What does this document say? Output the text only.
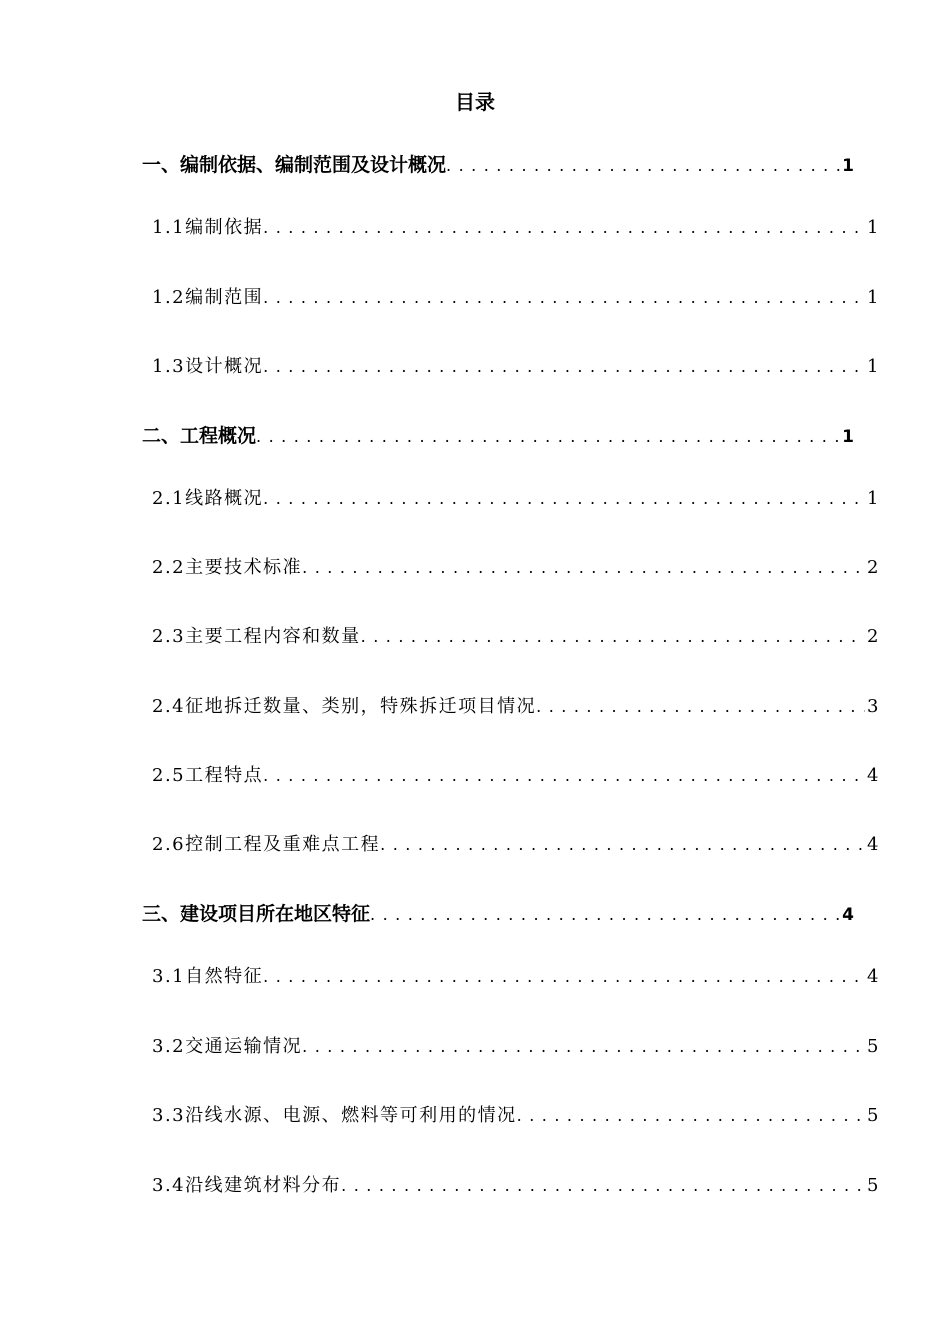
目录
一、编制依据、编制范围及设计概况 . . .	1
1.1编制依据 . . .	1
1.2编制范围 . . .	1
1.3设计概况 . . .	1
二、工程概况 . . .	1
2.1线路概况 . . .	1
2.2主要技术标准 . . .	2
2.3主要工程内容和数量 . . .	2
2.4征地拆迁数量、类别，特殊拆迁项目情况 . . .	3
2.5工程特点 . . .	4
2.6控制工程及重难点工程 . . .	4
三、建设项目所在地区特征 . . .	4
3.1自然特征 . . .	4
3.2交通运输情况 . . .	5
3.3沿线水源、电源、燃料等可利用的情况 . . .	5
3.4沿线建筑材料分布 . . .	5
